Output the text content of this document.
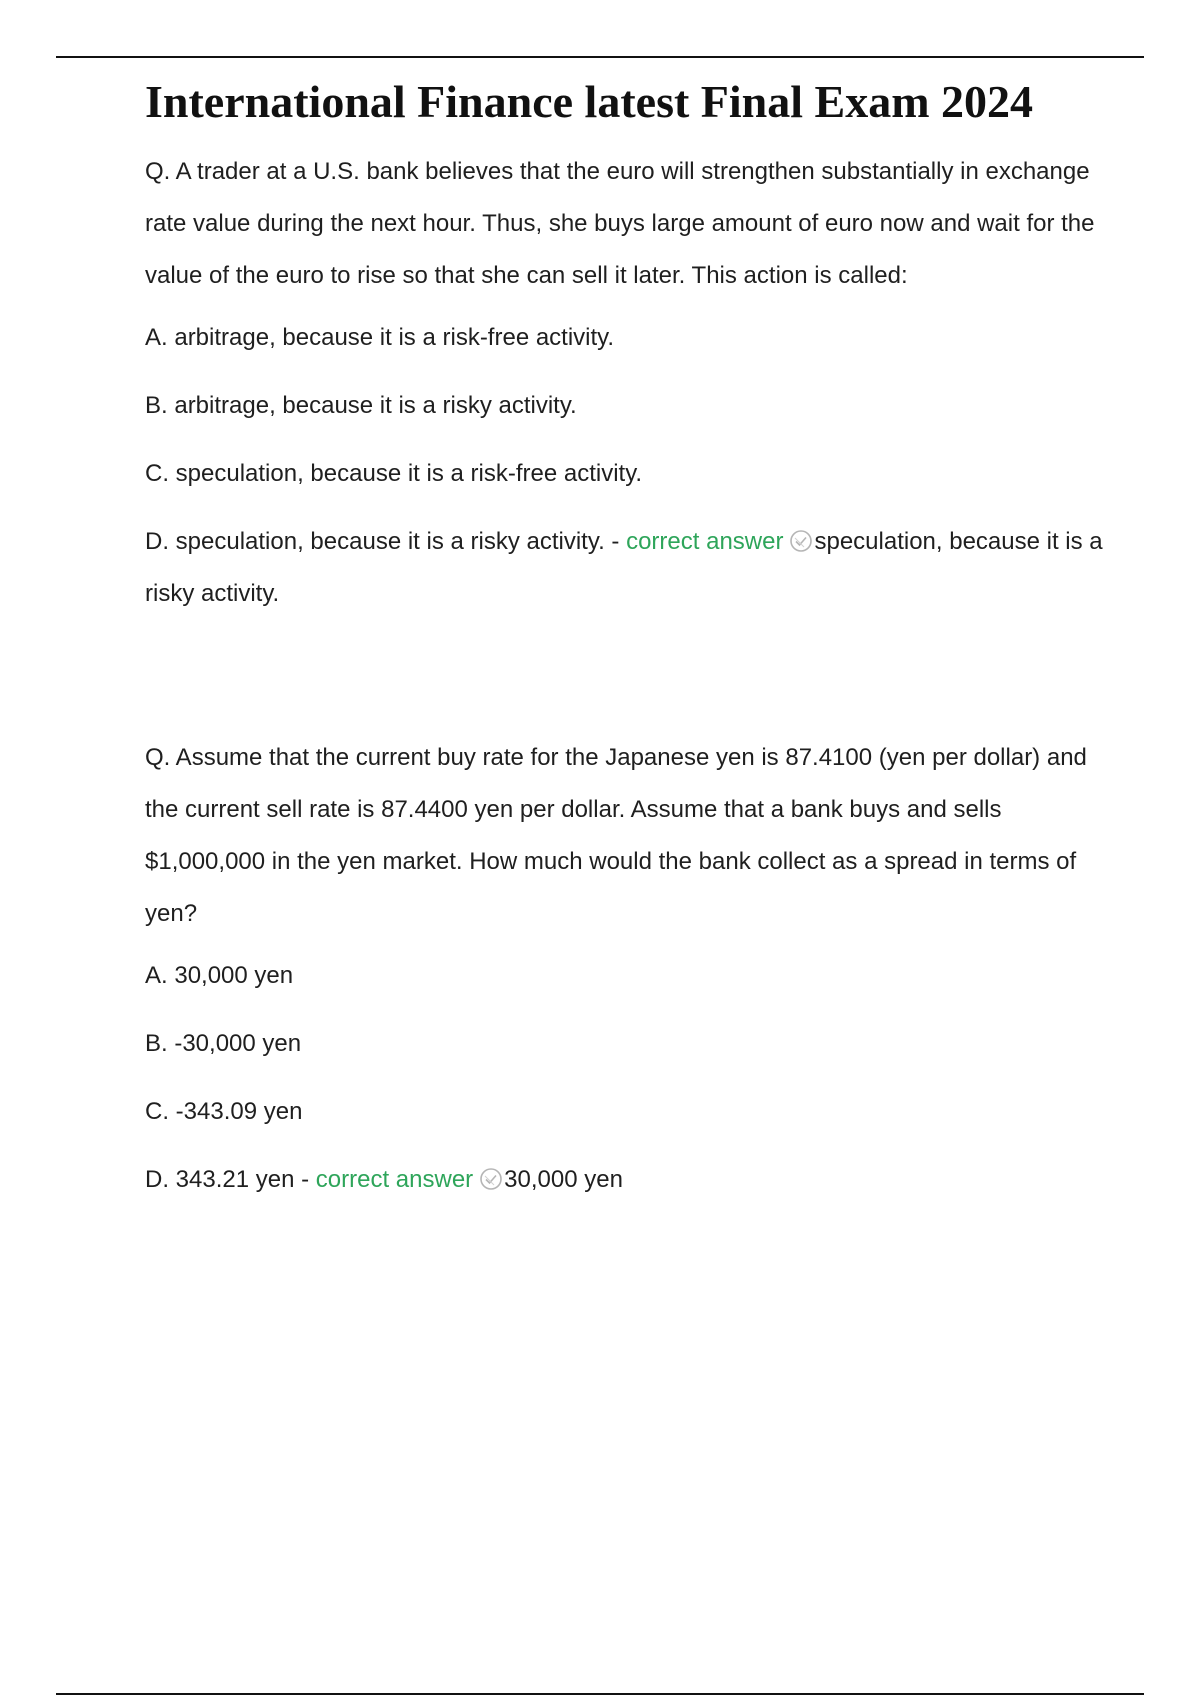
International Finance latest Final Exam 2024

Q. A trader at a U.S. bank believes that the euro will strengthen substantially in exchange rate value during the next hour. Thus, she buys large amount of euro now and wait for the value of the euro to rise so that she can sell it later. This action is called:

A. arbitrage, because it is a risk-free activity.

B. arbitrage, because it is a risky activity.

C. speculation, because it is a risk-free activity.

D. speculation, because it is a risky activity. - correct answer speculation, because it is a risky activity.

Q. Assume that the current buy rate for the Japanese yen is 87.4100 (yen per dollar) and the current sell rate is 87.4400 yen per dollar. Assume that a bank buys and sells $1,000,000 in the yen market. How much would the bank collect as a spread in terms of yen?

A. 30,000 yen

B. -30,000 yen

C. -343.09 yen

D. 343.21 yen - correct answer 30,000 yen
